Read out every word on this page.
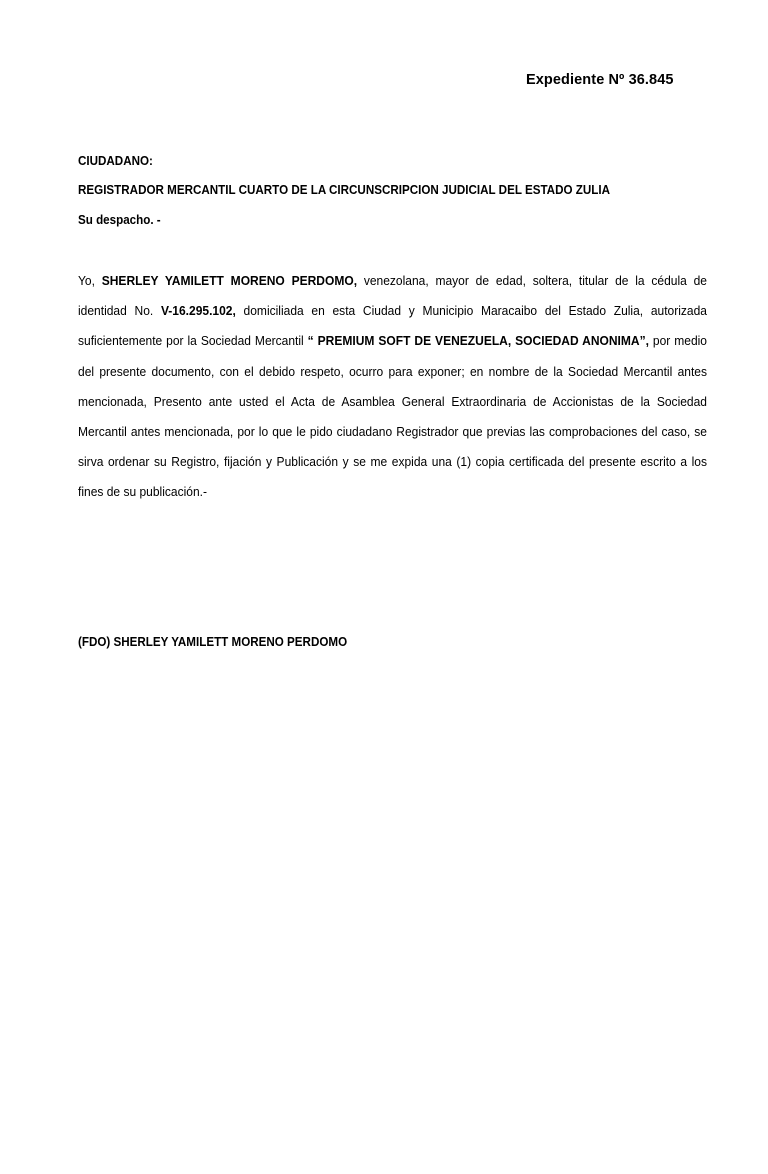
Expediente Nº 36.845
CIUDADANO:
REGISTRADOR MERCANTIL CUARTO DE LA CIRCUNSCRIPCION JUDICIAL DEL ESTADO ZULIA
Su despacho. -
Yo, SHERLEY YAMILETT MORENO PERDOMO, venezolana, mayor de edad, soltera, titular de la cédula de identidad No. V-16.295.102, domiciliada en esta Ciudad y Municipio Maracaibo del Estado Zulia, autorizada suficientemente por la Sociedad Mercantil “ PREMIUM SOFT DE VENEZUELA, SOCIEDAD ANONIMA”, por medio del presente documento, con el debido respeto, ocurro para exponer; en nombre de la Sociedad Mercantil antes mencionada, Presento ante usted el Acta de Asamblea General Extraordinaria de Accionistas de la Sociedad Mercantil antes mencionada, por lo que le pido ciudadano Registrador que previas las comprobaciones del caso, se sirva ordenar su Registro, fijación y Publicación y se me expida una (1) copia certificada del presente escrito a los fines de su publicación.-
(FDO) SHERLEY YAMILETT MORENO PERDOMO
